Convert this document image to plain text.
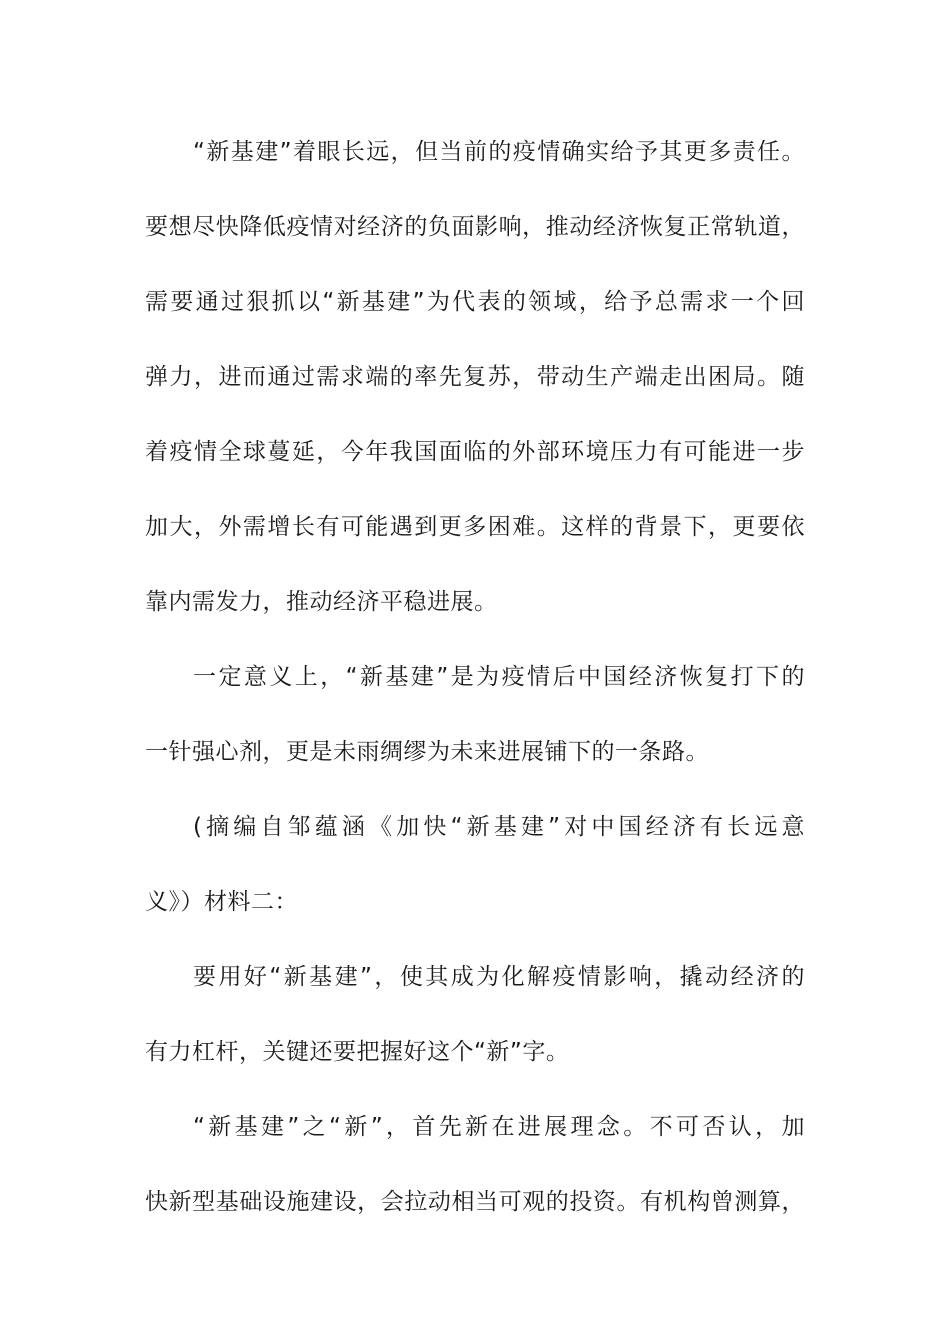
“新基建”着眼长远，但当前的疫情确实给予其更多责任。
要想尽快降低疫情对经济的负面影响，推动经济恢复正常轨道，
需要通过狠抓以“新基建”为代表的领域，给予总需求一个回
弹力，进而通过需求端的率先复苏，带动生产端走出困局。随
着疫情全球蔓延，今年我国面临的外部环境压力有可能进一步
加大，外需增长有可能遇到更多困难。这样的背景下，更要依
靠内需发力，推动经济平稳进展。
一定意义上，“新基建”是为疫情后中国经济恢复打下的
一针强心剂，更是未雨绸缪为未来进展铺下的一条路。
(摘编自邹蕴涵《加快“新基建”对中国经济有长远意
义》）材料二：
要用好“新基建”，使其成为化解疫情影响，撬动经济的
有力杠杆，关键还要把握好这个“新”字。
“新基建”之“新”，首先新在进展理念。不可否认，加
快新型基础设施建设，会拉动相当可观的投资。有机构曾测算，
